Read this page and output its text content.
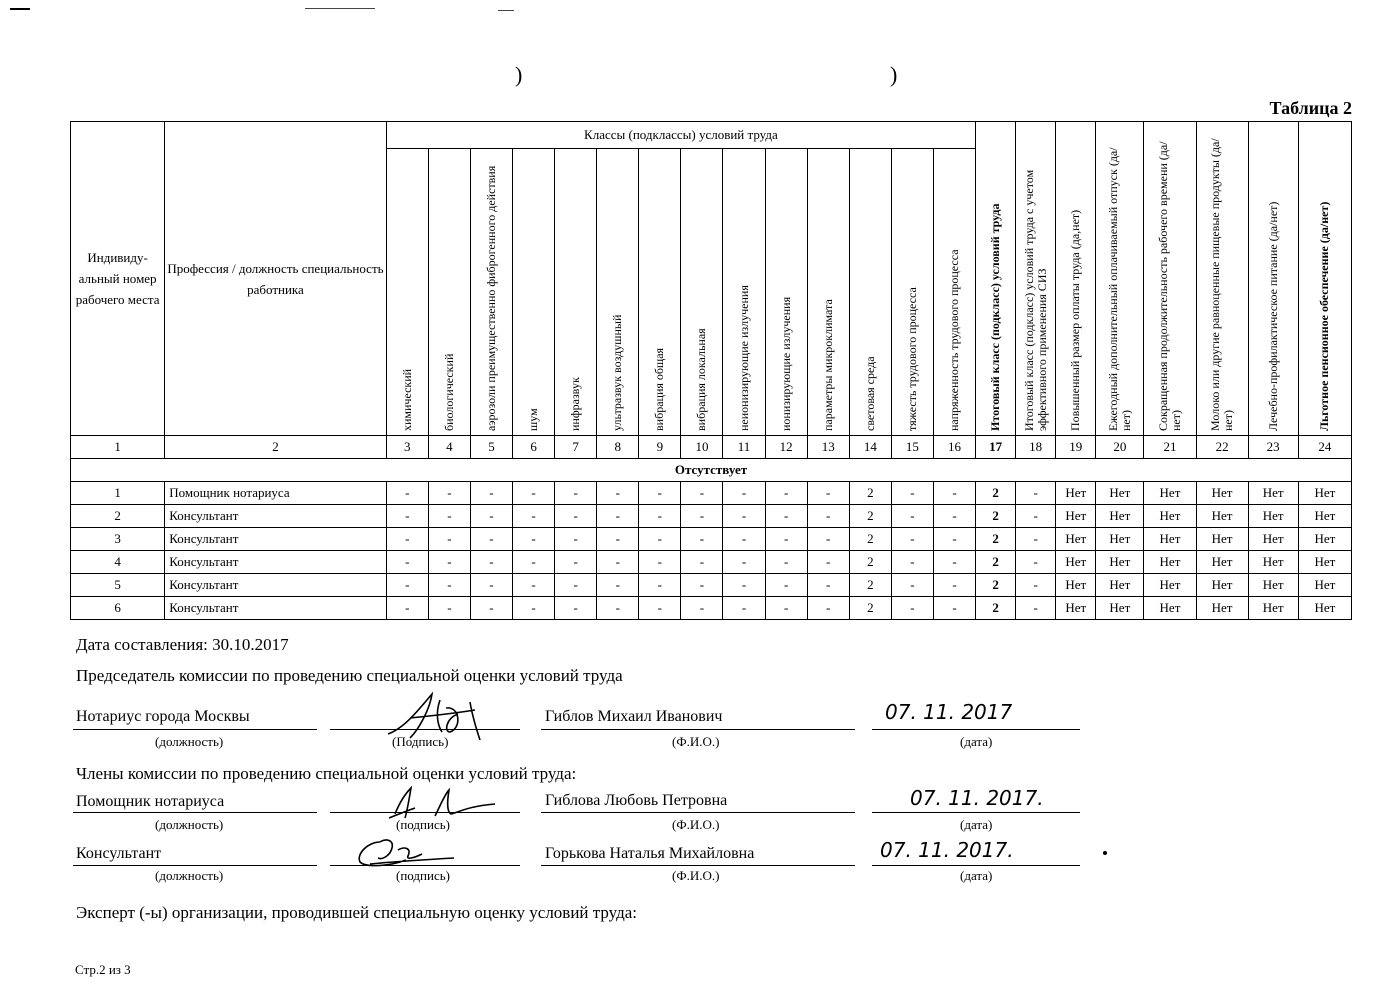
)	)
Таблица 2
Индивиду-альный номер рабочего места	Профессия / должность специальность работника	Классы (подклассы) условий труда														Итоговый класс (подкласс) условий труда	Итоговый класс (подкласс) условий труда с учетом эффективного применения СИЗ	Повышенный размер оплаты труда (да,нет)	Ежегодный дополнительный оплачиваемый отпуск (да/нет)	Сокращенная продолжительность рабочего времени (да/нет)	Молоко или другие равноценные пищевые продукты (да/нет)	Лечебно-профилактическое питание (да/нет)	Льготное пенсионное обеспечение (да/нет)
		химический	биологический	аэрозоли преимущественно фиброгенного действия	шум	инфразвук	ультразвук воздушный	вибрация общая	вибрация локальная	неионизирующие излучения	ионизирующие излучения	параметры микроклимата	световая среда	тяжесть трудового процесса	напряженность трудового процесса								
1	2	3	4	5	6	7	8	9	10	11	12	13	14	15	16	17	18	19	20	21	22	23	24
Отсутствует																							
1	Помощник нотариуса	-	-	-	-	-	-	-	-	-	-	-	2	-	-	2	-	Нет	Нет	Нет	Нет	Нет	Нет
2	Консультант	-	-	-	-	-	-	-	-	-	-	-	2	-	-	2	-	Нет	Нет	Нет	Нет	Нет	Нет
3	Консультант	-	-	-	-	-	-	-	-	-	-	-	2	-	-	2	-	Нет	Нет	Нет	Нет	Нет	Нет
4	Консультант	-	-	-	-	-	-	-	-	-	-	-	2	-	-	2	-	Нет	Нет	Нет	Нет	Нет	Нет
5	Консультант	-	-	-	-	-	-	-	-	-	-	-	2	-	-	2	-	Нет	Нет	Нет	Нет	Нет	Нет
6	Консультант	-	-	-	-	-	-	-	-	-	-	-	2	-	-	2	-	Нет	Нет	Нет	Нет	Нет	Нет
Дата составления: 30.10.2017
Председатель комиссии по проведению специальной оценки условий труда
Нотариус города Москвы	Гиблов Михаил Иванович	07. 11. 2017
(должность)	(Подпись)	(Ф.И.О.)	(дата)
Члены комиссии по проведению специальной оценки условий труда:
Помощник нотариуса	Гиблова Любовь Петровна	07. 11. 2017.
(должность)	(подпись)	(Ф.И.О.)	(дата)
Консультант	Горькова Наталья Михайловна	07. 11. 2017.
(должность)	(подпись)	(Ф.И.О.)	(дата)
Эксперт (-ы) организации, проводившей специальную оценку условий труда:
Стр.2 из 3
